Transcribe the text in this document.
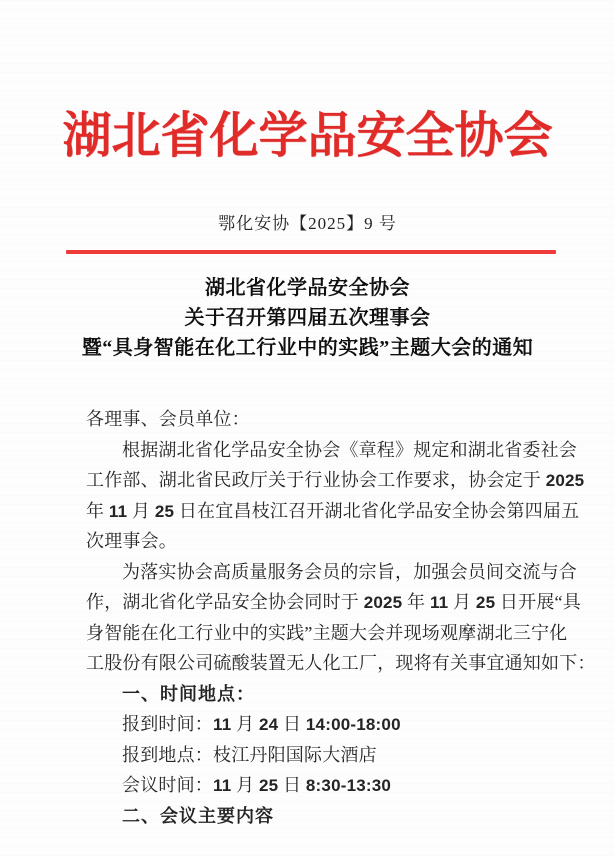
湖北省化学品安全协会
鄂化安协【2025】9 号
湖北省化学品安全协会
关于召开第四届五次理事会
暨“具身智能在化工行业中的实践”主题大会的通知
各理事、会员单位：
根据湖北省化学品安全协会《章程》规定和湖北省委社会
工作部、湖北省民政厅关于行业协会工作要求，协会定于 2025
年 11 月 25 日在宜昌枝江召开湖北省化学品安全协会第四届五
次理事会。
为落实协会高质量服务会员的宗旨，加强会员间交流与合
作，湖北省化学品安全协会同时于 2025 年 11 月 25 日开展“具
身智能在化工行业中的实践”主题大会并现场观摩湖北三宁化
工股份有限公司硫酸装置无人化工厂，现将有关事宜通知如下：
一、时间地点：
报到时间：11 月 24 日 14:00-18:00
报到地点：枝江丹阳国际大酒店
会议时间：11 月 25 日 8:30-13:30
二、会议主要内容
